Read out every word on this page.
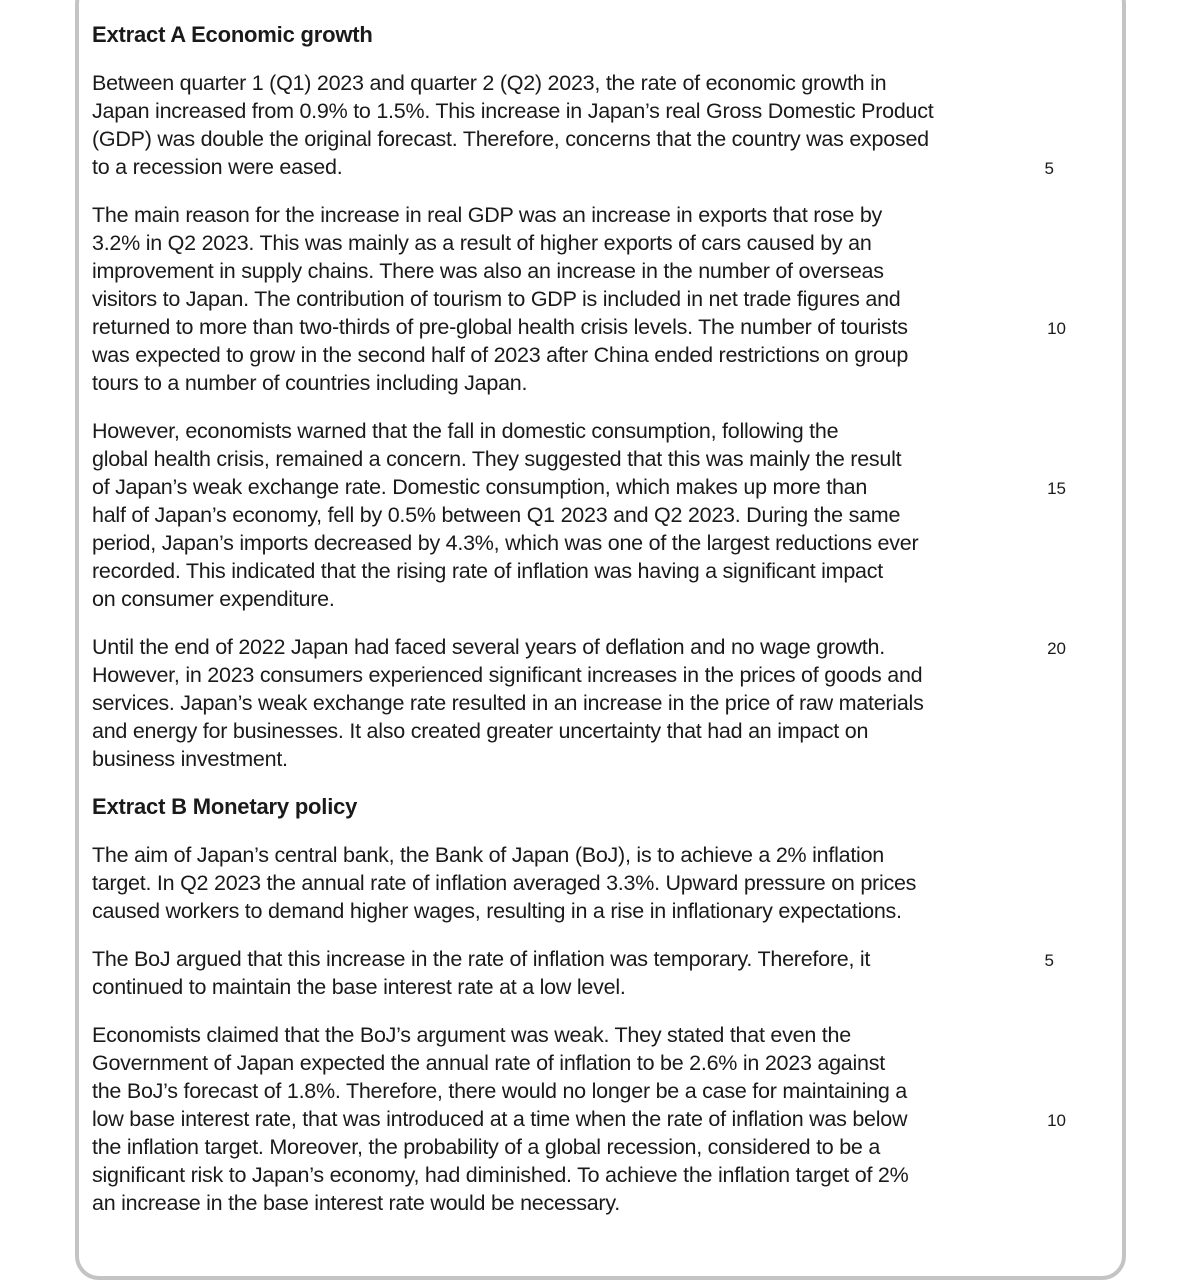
Extract A Economic growth
Between quarter 1 (Q1) 2023 and quarter 2 (Q2) 2023, the rate of economic growth in
Japan increased from 0.9% to 1.5%. This increase in Japan’s real Gross Domestic Product
(GDP) was double the original forecast. Therefore, concerns that the country was exposed
to a recession were eased.	5
The main reason for the increase in real GDP was an increase in exports that rose by
3.2% in Q2 2023. This was mainly as a result of higher exports of cars caused by an
improvement in supply chains. There was also an increase in the number of overseas
visitors to Japan. The contribution of tourism to GDP is included in net trade figures and
returned to more than two-thirds of pre-global health crisis levels. The number of tourists
was expected to grow in the second half of 2023 after China ended restrictions on group
tours to a number of countries including Japan.
10
However, economists warned that the fall in domestic consumption, following the
global health crisis, remained a concern. They suggested that this was mainly the result
of Japan’s weak exchange rate. Domestic consumption, which makes up more than
half of Japan’s economy, fell by 0.5% between Q1 2023 and Q2 2023. During the same
period, Japan’s imports decreased by 4.3%, which was one of the largest reductions ever
recorded. This indicated that the rising rate of inflation was having a significant impact
on consumer expenditure.
15
Until the end of 2022 Japan had faced several years of deflation and no wage growth.
However, in 2023 consumers experienced significant increases in the prices of goods and
services. Japan’s weak exchange rate resulted in an increase in the price of raw materials
and energy for businesses. It also created greater uncertainty that had an impact on
business investment.
20
Extract B Monetary policy
The aim of Japan’s central bank, the Bank of Japan (BoJ), is to achieve a 2% inflation
target. In Q2 2023 the annual rate of inflation averaged 3.3%. Upward pressure on prices
caused workers to demand higher wages, resulting in a rise in inflationary expectations.
The BoJ argued that this increase in the rate of inflation was temporary. Therefore, it
continued to maintain the base interest rate at a low level.
5
Economists claimed that the BoJ’s argument was weak. They stated that even the
Government of Japan expected the annual rate of inflation to be 2.6% in 2023 against
the BoJ’s forecast of 1.8%. Therefore, there would no longer be a case for maintaining a
low base interest rate, that was introduced at a time when the rate of inflation was below
the inflation target. Moreover, the probability of a global recession, considered to be a
significant risk to Japan’s economy, had diminished. To achieve the inflation target of 2%
an increase in the base interest rate would be necessary.
10
